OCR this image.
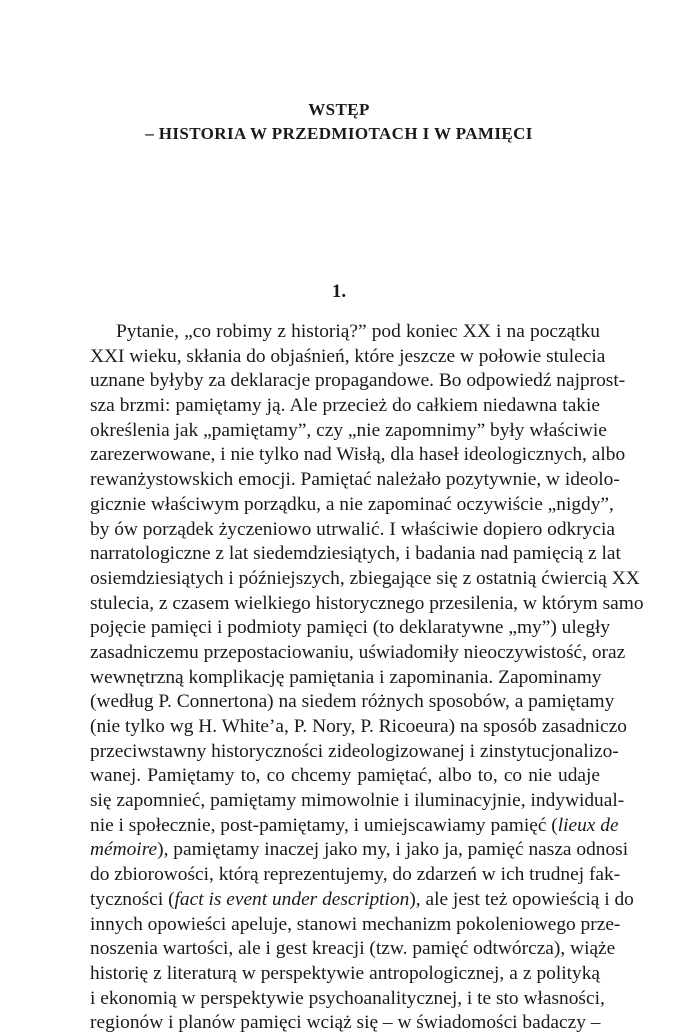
WSTĘP
– HISTORIA W PRZEDMIOTACH I W PAMIĘCI
1.
Pytanie, „co robimy z historią?” pod koniec XX i na początku
XXI wieku, skłania do objaśnień, które jeszcze w połowie stulecia
uznane byłyby za deklaracje propagandowe. Bo odpowiedź najprost-
sza brzmi: pamiętamy ją. Ale przecież do całkiem niedawna takie
określenia jak „pamiętamy”, czy „nie zapomnimy” były właściwie
zarezerwowane, i nie tylko nad Wisłą, dla haseł ideologicznych, albo
rewanżystowskich emocji. Pamiętać należało pozytywnie, w ideolo-
gicznie właściwym porządku, a nie zapominać oczywiście „nigdy”,
by ów porządek życzeniowo utrwalić. I właściwie dopiero odkrycia
narratologiczne z lat siedemdziesiątych, i badania nad pamięcią z lat
osiemdziesiątych i późniejszych, zbiegające się z ostatnią ćwiercią XX
stulecia, z czasem wielkiego historycznego przesilenia, w którym samo
pojęcie pamięci i podmioty pamięci (to deklaratywne „my”) uległy
zasadniczemu przepostaciowaniu, uświadomiły nieoczywistość, oraz
wewnętrzną komplikację pamiętania i zapominania. Zapominamy
(według P. Connertona) na siedem różnych sposobów, a pamiętamy
(nie tylko wg H. White’a, P. Nory, P. Ricoeura) na sposób zasadniczo
przeciwstawny historyczności zideologizowanej i zinstytucjonalizo-
wanej. Pamiętamy to, co chcemy pamiętać, albo to, co nie udaje
się zapomnieć, pamiętamy mimowolnie i iluminacyjnie, indywidual-
nie i społecznie, post-pamiętamy, i umiejscawiamy pamięć (lieux de
mémoire), pamiętamy inaczej jako my, i jako ja, pamięć nasza odnosi
do zbiorowości, którą reprezentujemy, do zdarzeń w ich trudnej fak-
tyczności (fact is event under description), ale jest też opowieścią i do
innych opowieści apeluje, stanowi mechanizm pokoleniowego prze-
noszenia wartości, ale i gest kreacji (tzw. pamięć odtwórcza), wiąże
historię z literaturą w perspektywie antropologicznej, a z polityką
i ekonomią w perspektywie psychoanalitycznej, i te sto własności,
regionów i planów pamięci wciąż się – w świadomości badaczy –
